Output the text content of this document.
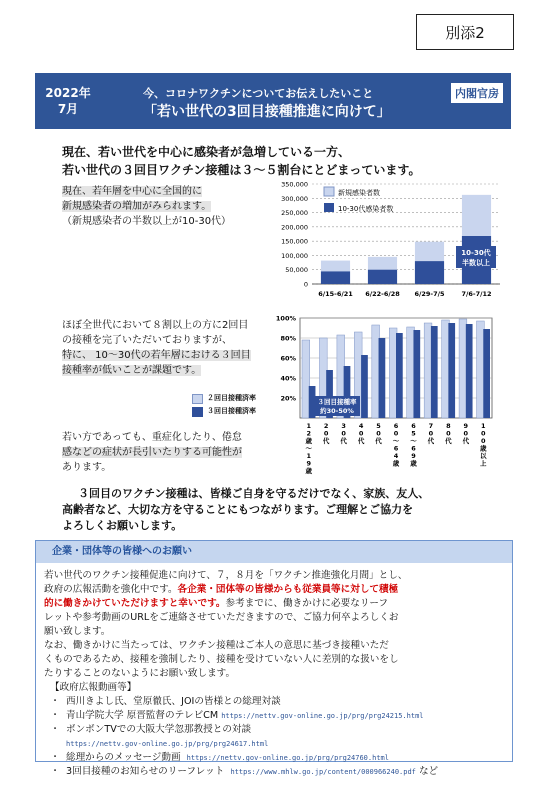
別添2
2022年
7月
今、コロナワクチンについてお伝えしたいこと
「若い世代の3回目接種推進に向けて」
内閣官房
現在、若い世代を中心に感染者が急増している一方、
若い世代の３回目ワクチン接種は３～５割台にとどまっています。
現在、若年層を中心に全国的に
新規感染者の増加がみられます。
（新規感染者の半数以上が10-30代）
350,000
300,000
250,000
200,000
150,000
100,000
50,000
0
6/15-6/21 6/22-6/28 6/29-7/5	7/6-7/12
新規感染者数
10-30代感染者数
10-30代
半数以上
ほぼ全世代において８割以上の方に2回目
の接種を完了いただいておりますが、
特に、 10～30代の若年層における３回目
接種率が低いことが課題です。
２回目接種済率
３回目接種済率
100%
80%
60%
40%
20%
1 2 歳〜 1 9 歳
2 0 代
3 0 代
4 0 代
5 0 代
6 0 〜 6 4 歳
6 5 〜 6 9 歳
7 0 代
8 0 代
9 0 代
1 0 0 歳以上
３回目接種率
約30-50%
若い方であっても、重症化したり、倦怠
感などの症状が長引いたりする可能性が
あります。
３回目のワクチン接種は、皆様ご自身を守るだけでなく、家族、友人、
高齢者など、大切な方を守ることにもつながります。ご理解とご協力を
よろしくお願いします。
企業・団体等の皆様へのお願い
若い世代のワクチン接種促進に向けて、７，８月を「ワクチン推進強化月間」とし、
政府の広報活動を強化中です。各企業・団体等の皆様からも従業員等に対して積極
的に働きかけていただけますと幸いです。参考までに、働きかけに必要なリーフ
レットや参考動画のURLをご連絡させていただきますので、ご協力何卒よろしくお
願い致します。
なお、働きかけに当たっては、ワクチン接種はご本人の意思に基づき接種いただ
くものであるため、接種を強制したり、接種を受けていない人に差別的な扱いをし
たりすることのないようにお願い致します。
【政府広報動画等】
・ 西川きよし氏、堂原徹氏、JOIの皆様との総理対談
・ 青山学院大学 原晋監督のテレビCM
https://nettv.gov-online.go.jp/prg/prg24215.html
・ ボンボンTVでの大阪大学忽那教授との対談
https://nettv.gov-online.go.jp/prg/prg24617.html
・ 総理からのメッセージ動画
https://nettv.gov-online.go.jp/prg/prg24760.html
・ 3回目接種のお知らせのリーフレット
https://www.mhlw.go.jp/content/000966240.pdf
など
